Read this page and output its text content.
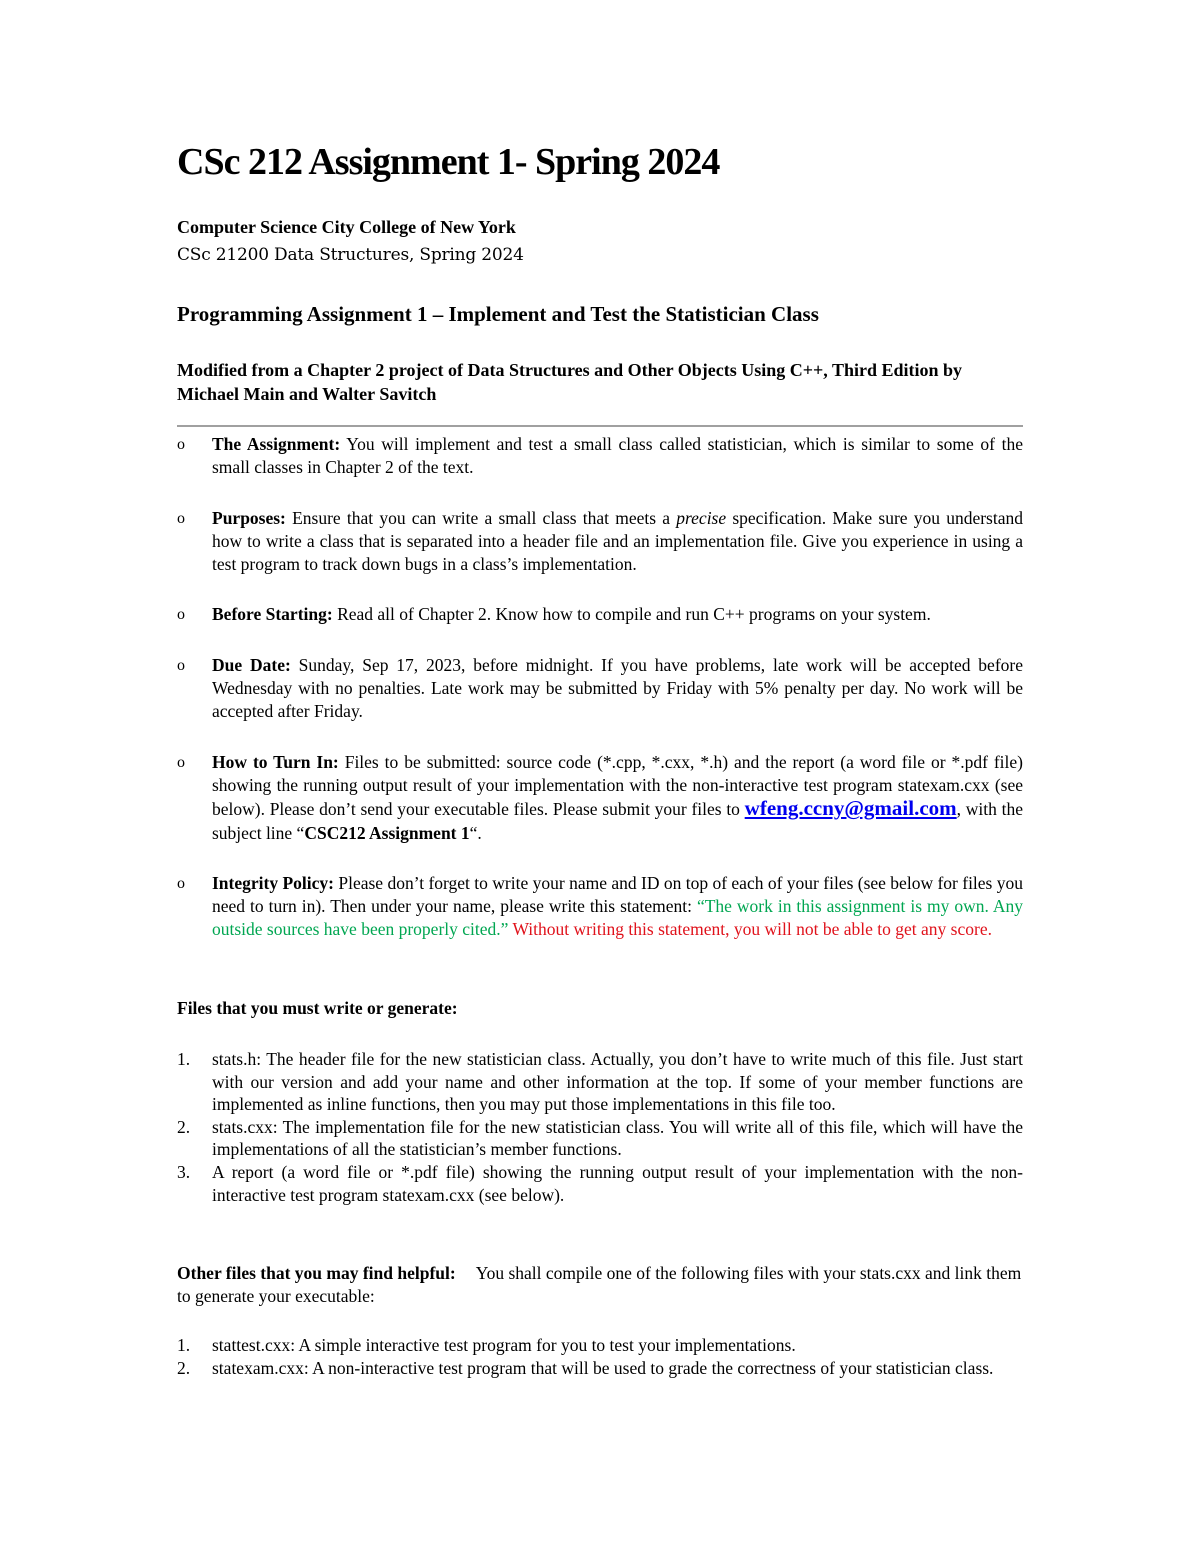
CSc 212 Assignment 1- Spring 2024
Computer Science City College of New York
CSc 21200 Data Structures, Spring 2024
Programming Assignment 1 – Implement and Test the Statistician Class
Modified from a Chapter 2 project of Data Structures and Other Objects Using C++, Third Edition by Michael Main and Walter Savitch
o The Assignment: You will implement and test a small class called statistician, which is similar to some of the small classes in Chapter 2 of the text.
o Purposes: Ensure that you can write a small class that meets a precise specification. Make sure you understand how to write a class that is separated into a header file and an implementation file. Give you experience in using a test program to track down bugs in a class’s implementation.
o Before Starting: Read all of Chapter 2. Know how to compile and run C++ programs on your system.
o Due Date: Sunday, Sep 17, 2023, before midnight. If you have problems, late work will be accepted before Wednesday with no penalties. Late work may be submitted by Friday with 5% penalty per day. No work will be accepted after Friday.
o How to Turn In: Files to be submitted: source code (*.cpp, *.cxx, *.h) and the report (a word file or *.pdf file) showing the running output result of your implementation with the non-interactive test program statexam.cxx (see below). Please don’t send your executable files. Please submit your files to wfeng.ccny@gmail.com, with the subject line “CSC212 Assignment 1“.
o Integrity Policy: Please don’t forget to write your name and ID on top of each of your files (see below for files you need to turn in). Then under your name, please write this statement: “The work in this assignment is my own. Any outside sources have been properly cited.” Without writing this statement, you will not be able to get any score.
Files that you must write or generate:
1. stats.h: The header file for the new statistician class. Actually, you don’t have to write much of this file. Just start with our version and add your name and other information at the top. If some of your member functions are implemented as inline functions, then you may put those implementations in this file too.
2. stats.cxx: The implementation file for the new statistician class. You will write all of this file, which will have the implementations of all the statistician’s member functions.
3. A report (a word file or *.pdf file) showing the running output result of your implementation with the non-interactive test program statexam.cxx (see below).
Other files that you may find helpful: You shall compile one of the following files with your stats.cxx and link them to generate your executable:
1. stattest.cxx: A simple interactive test program for you to test your implementations.
2. statexam.cxx: A non-interactive test program that will be used to grade the correctness of your statistician class.
